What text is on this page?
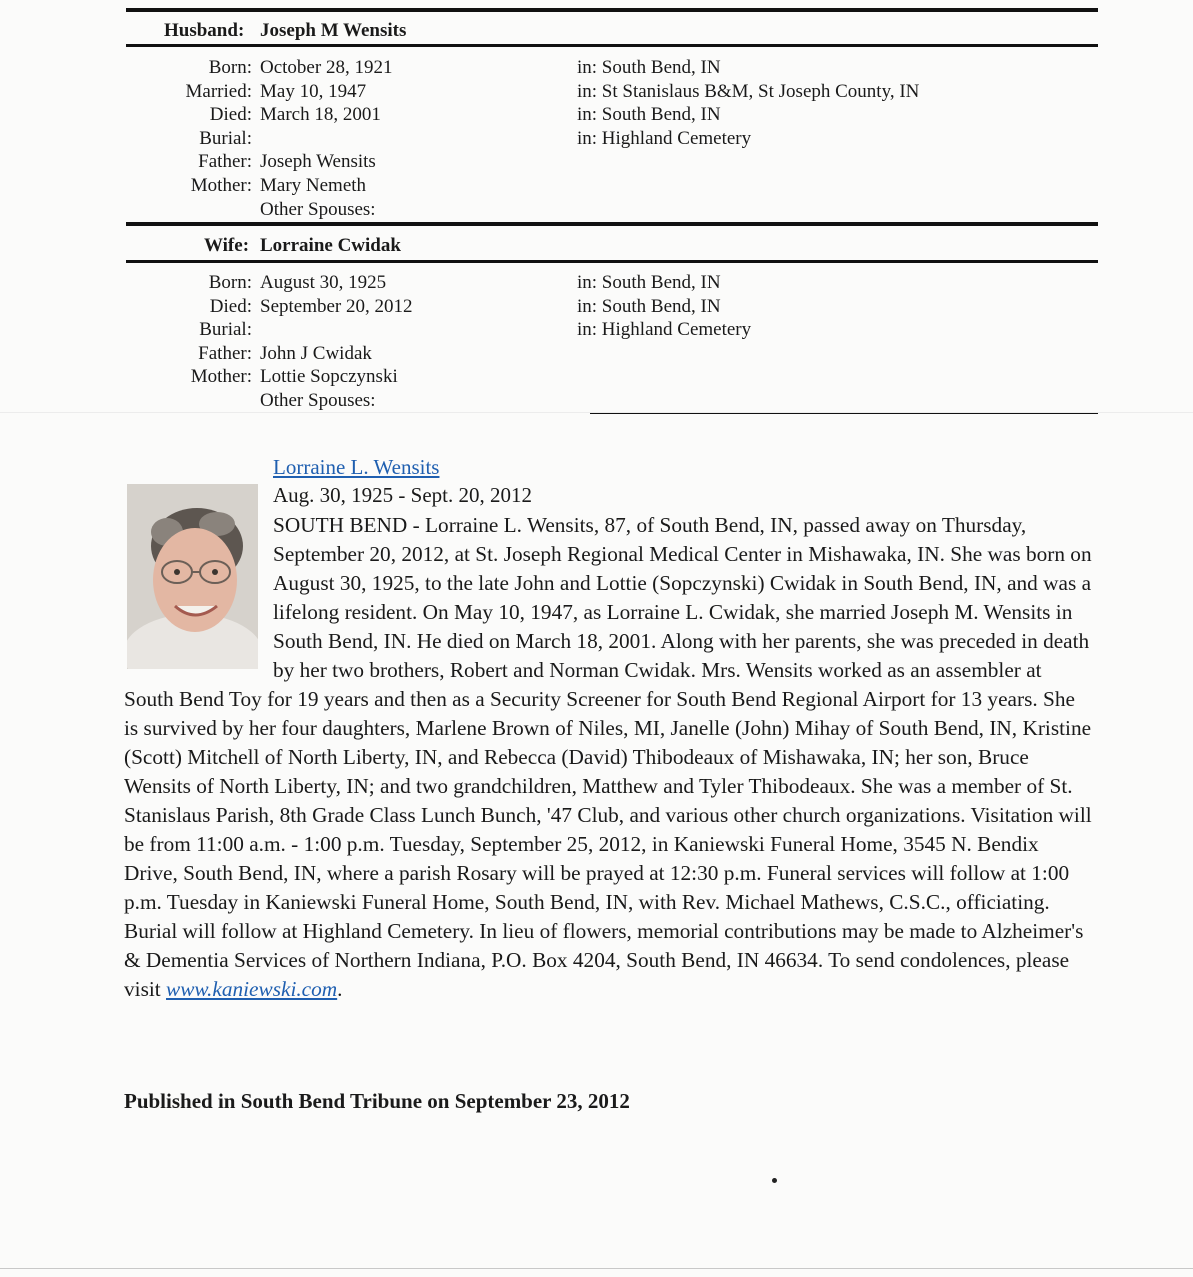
Husband: Joseph M Wensits
Born: October 28, 1921	in: South Bend, IN
Married: May 10, 1947	in: St Stanislaus B&M, St Joseph County, IN
Died: March 18, 2001	in: South Bend, IN
Burial:	in: Highland Cemetery
Father: Joseph Wensits
Mother: Mary Nemeth
Other Spouses:
Wife: Lorraine Cwidak
Born: August 30, 1925	in: South Bend, IN
Died: September 20, 2012	in: South Bend, IN
Burial:	in: Highland Cemetery
Father: John J Cwidak
Mother: Lottie Sopczynski
Other Spouses:
Lorraine L. Wensits
Aug. 30, 1925 - Sept. 20, 2012
SOUTH BEND - Lorraine L. Wensits, 87, of South Bend, IN, passed away on Thursday, September 20, 2012, at St. Joseph Regional Medical Center in Mishawaka, IN. She was born on August 30, 1925, to the late John and Lottie (Sopczynski) Cwidak in South Bend, IN, and was a lifelong resident. On May 10, 1947, as Lorraine L. Cwidak, she married Joseph M. Wensits in South Bend, IN. He died on March 18, 2001. Along with her parents, she was preceded in death by her two brothers, Robert and Norman Cwidak. Mrs. Wensits worked as an assembler at South Bend Toy for 19 years and then as a Security Screener for South Bend Regional Airport for 13 years. She is survived by her four daughters, Marlene Brown of Niles, MI, Janelle (John) Mihay of South Bend, IN, Kristine (Scott) Mitchell of North Liberty, IN, and Rebecca (David) Thibodeaux of Mishawaka, IN; her son, Bruce Wensits of North Liberty, IN; and two grandchildren, Matthew and Tyler Thibodeaux. She was a member of St. Stanislaus Parish, 8th Grade Class Lunch Bunch, '47 Club, and various other church organizations. Visitation will be from 11:00 a.m. - 1:00 p.m. Tuesday, September 25, 2012, in Kaniewski Funeral Home, 3545 N. Bendix Drive, South Bend, IN, where a parish Rosary will be prayed at 12:30 p.m. Funeral services will follow at 1:00 p.m. Tuesday in Kaniewski Funeral Home, South Bend, IN, with Rev. Michael Mathews, C.S.C., officiating. Burial will follow at Highland Cemetery. In lieu of flowers, memorial contributions may be made to Alzheimer's & Dementia Services of Northern Indiana, P.O. Box 4204, South Bend, IN 46634. To send condolences, please visit www.kaniewski.com.
Published in South Bend Tribune on September 23, 2012
